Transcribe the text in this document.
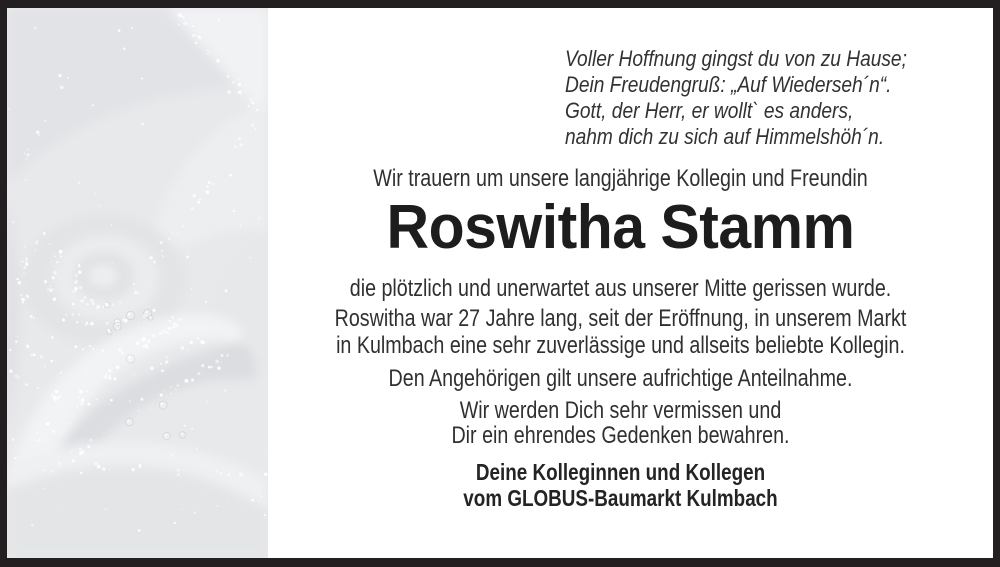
Voller Hoffnung gingst du von zu Hause;
Dein Freudengruß: „Auf Wiederseh´n“.
Gott, der Herr, er wollt` es anders,
nahm dich zu sich auf Himmelshöh´n.
Wir trauern um unsere langjährige Kollegin und Freundin
Roswitha Stamm
die plötzlich und unerwartet aus unserer Mitte gerissen wurde.
Roswitha war 27 Jahre lang, seit der Eröffnung, in unserem Markt
in Kulmbach eine sehr zuverlässige und allseits beliebte Kollegin.
Den Angehörigen gilt unsere aufrichtige Anteilnahme.
Wir werden Dich sehr vermissen und
Dir ein ehrendes Gedenken bewahren.
Deine Kolleginnen und Kollegen
vom GLOBUS-Baumarkt Kulmbach
